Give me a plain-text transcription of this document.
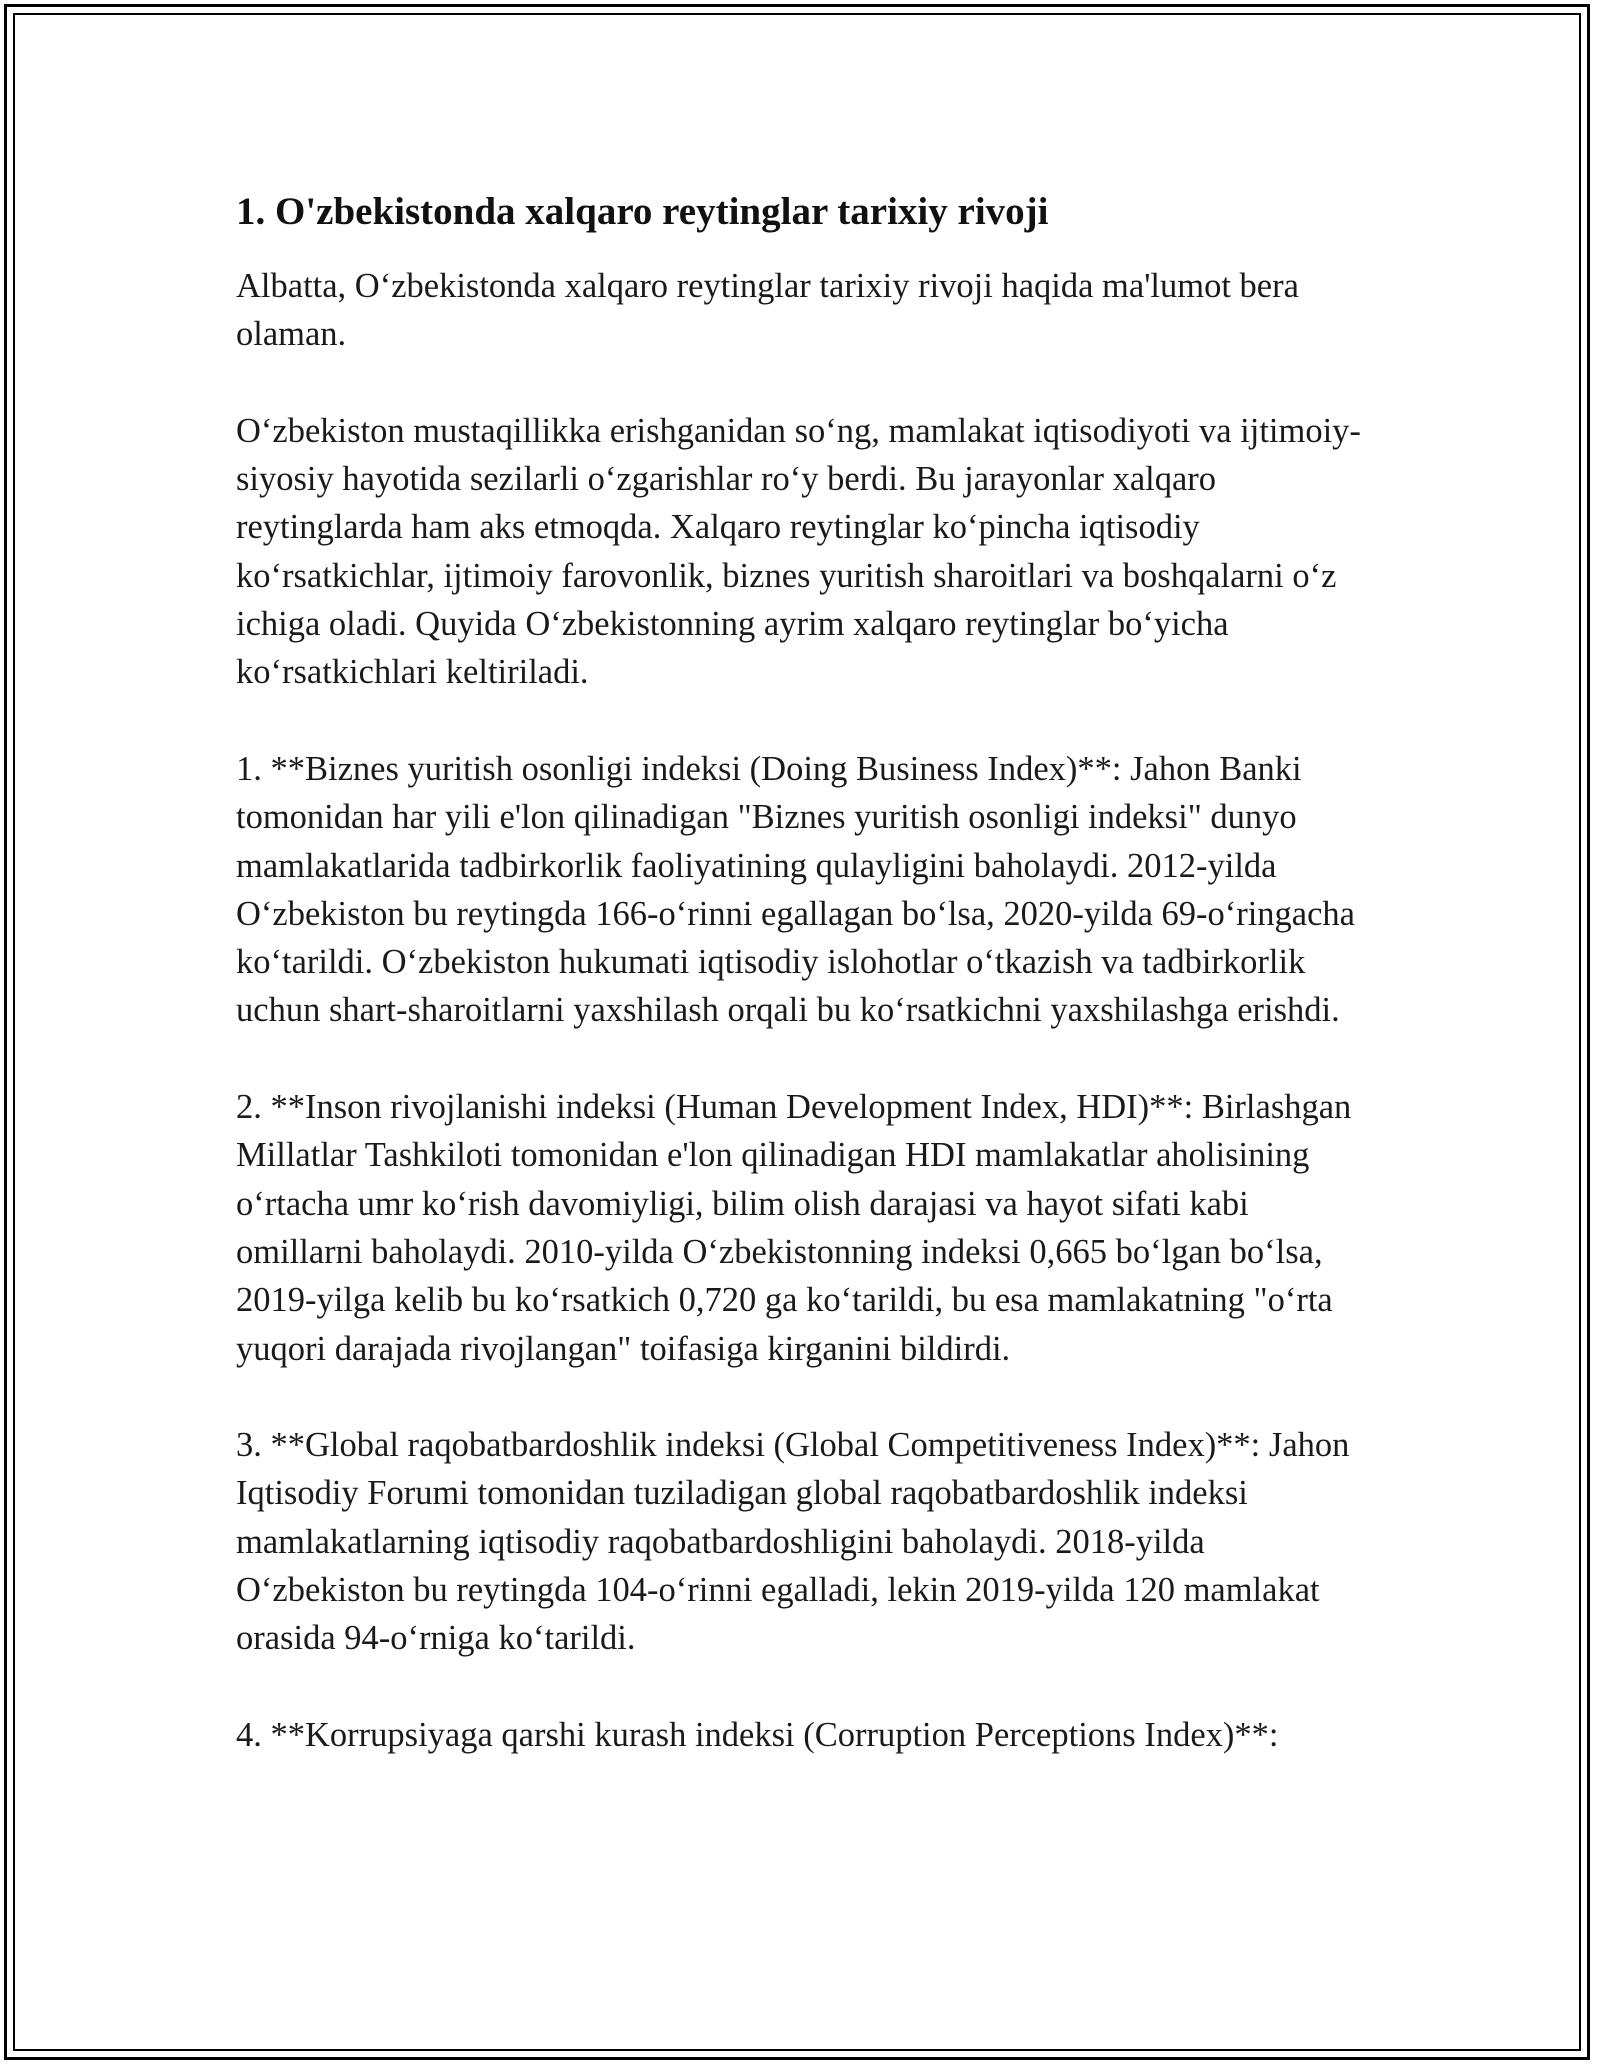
1. O'zbekistonda xalqaro reytinglar tarixiy rivoji

Albatta, O‘zbekistonda xalqaro reytinglar tarixiy rivoji haqida ma'lumot bera olaman.

O‘zbekiston mustaqillikka erishganidan so‘ng, mamlakat iqtisodiyoti va ijtimoiy-siyosiy hayotida sezilarli o‘zgarishlar ro‘y berdi. Bu jarayonlar xalqaro reytinglarda ham aks etmoqda. Xalqaro reytinglar ko‘pincha iqtisodiy ko‘rsatkichlar, ijtimoiy farovonlik, biznes yuritish sharoitlari va boshqalarni o‘z ichiga oladi. Quyida O‘zbekistonning ayrim xalqaro reytinglar bo‘yicha ko‘rsatkichlari keltiriladi.

1. **Biznes yuritish osonligi indeksi (Doing Business Index)**: Jahon Banki tomonidan har yili e'lon qilinadigan "Biznes yuritish osonligi indeksi" dunyo mamlakatlarida tadbirkorlik faoliyatining qulayligini baholaydi. 2012-yilda O‘zbekiston bu reytingda 166-o‘rinni egallagan bo‘lsa, 2020-yilda 69-o‘ringacha ko‘tarildi. O‘zbekiston hukumati iqtisodiy islohotlar o‘tkazish va tadbirkorlik uchun shart-sharoitlarni yaxshilash orqali bu ko‘rsatkichni yaxshilashga erishdi.

2. **Inson rivojlanishi indeksi (Human Development Index, HDI)**: Birlashgan Millatlar Tashkiloti tomonidan e'lon qilinadigan HDI mamlakatlar aholisining o‘rtacha umr ko‘rish davomiyligi, bilim olish darajasi va hayot sifati kabi omillarni baholaydi. 2010-yilda O‘zbekistonning indeksi 0,665 bo‘lgan bo‘lsa, 2019-yilga kelib bu ko‘rsatkich 0,720 ga ko‘tarildi, bu esa mamlakatning "o‘rta yuqori darajada rivojlangan" toifasiga kirganini bildirdi.

3. **Global raqobatbardoshlik indeksi (Global Competitiveness Index)**: Jahon Iqtisodiy Forumi tomonidan tuziladigan global raqobatbardoshlik indeksi mamlakatlarning iqtisodiy raqobatbardoshligini baholaydi. 2018-yilda O‘zbekiston bu reytingda 104-o‘rinni egalladi, lekin 2019-yilda 120 mamlakat orasida 94-o‘rniga ko‘tarildi.

4. **Korrupsiyaga qarshi kurash indeksi (Corruption Perceptions Index)**:
